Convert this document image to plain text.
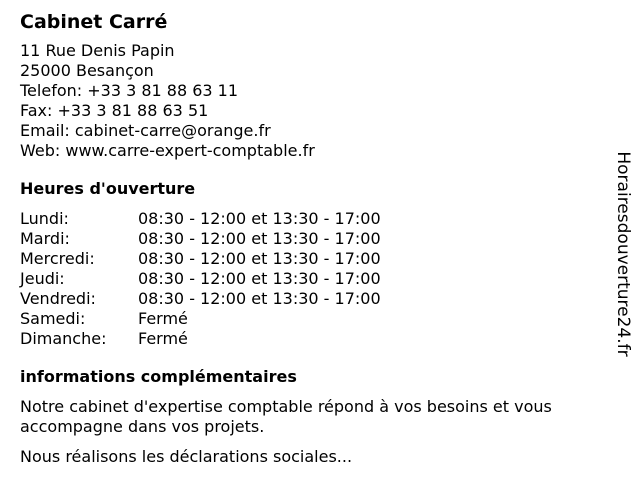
Cabinet Carré
11 Rue Denis Papin
25000 Besançon
Telefon: +33 3 81 88 63 11
Fax: +33 3 81 88 63 51
Email: cabinet-carre@orange.fr
Web: www.carre-expert-comptable.fr
Heures d'ouverture
Lundi:	08:30 - 12:00 et 13:30 - 17:00
Mardi:	08:30 - 12:00 et 13:30 - 17:00
Mercredi:	08:30 - 12:00 et 13:30 - 17:00
Jeudi:	08:30 - 12:00 et 13:30 - 17:00
Vendredi:	08:30 - 12:00 et 13:30 - 17:00
Samedi:	Fermé
Dimanche:	Fermé
informations complémentaires

Notre cabinet d'expertise comptable répond à vos besoins et vous accompagne dans vos projets.

Nous réalisons les déclarations sociales...

Horairesdouverture24.fr
